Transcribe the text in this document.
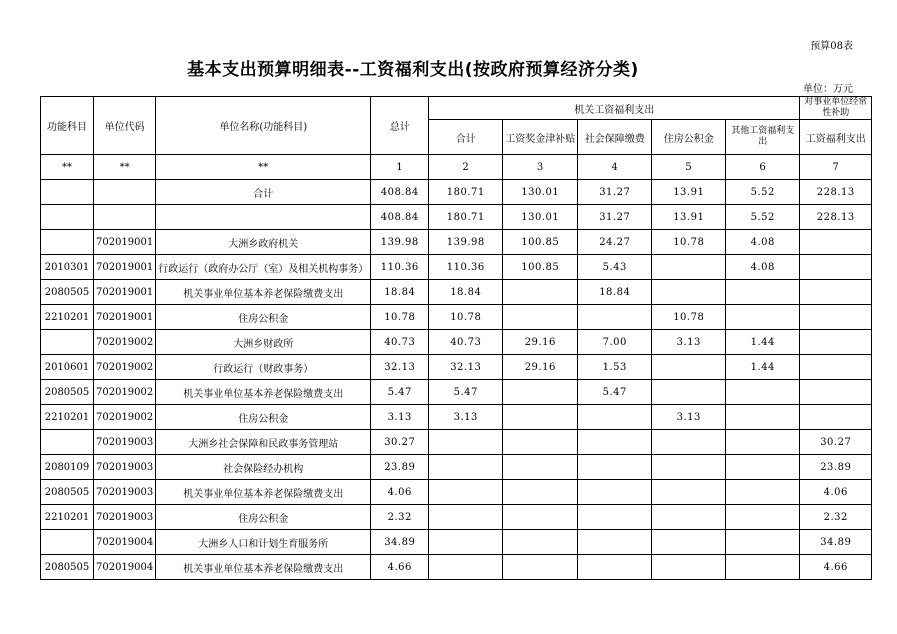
预算08表
基本支出预算明细表--工资福利支出(按政府预算经济分类)
单位：万元
功能科目	单位代码	单位名称(功能科目)	总计	机关工资福利支出					对事业单位经常性补助
				合计	工资奖金津补贴	社会保障缴费	住房公积金	其他工资福利支出	工资福利支出
**	**	**	1	2	3	4	5	6	7
		合计	408.84	180.71	130.01	31.27	13.91	5.52	228.13
			408.84	180.71	130.01	31.27	13.91	5.52	228.13
	702019001	大洲乡政府机关	139.98	139.98	100.85	24.27	10.78	4.08	
2010301	702019001	行政运行（政府办公厅（室）及相关机构事务）	110.36	110.36	100.85	5.43		4.08	
2080505	702019001	机关事业单位基本养老保险缴费支出	18.84	18.84		18.84			
2210201	702019001	住房公积金	10.78	10.78			10.78		
	702019002	大洲乡财政所	40.73	40.73	29.16	7.00	3.13	1.44	
2010601	702019002	行政运行（财政事务）	32.13	32.13	29.16	1.53		1.44	
2080505	702019002	机关事业单位基本养老保险缴费支出	5.47	5.47		5.47			
2210201	702019002	住房公积金	3.13	3.13			3.13		
	702019003	大洲乡社会保障和民政事务管理站	30.27						30.27
2080109	702019003	社会保险经办机构	23.89						23.89
2080505	702019003	机关事业单位基本养老保险缴费支出	4.06						4.06
2210201	702019003	住房公积金	2.32						2.32
	702019004	大洲乡人口和计划生育服务所	34.89						34.89
2080505	702019004	机关事业单位基本养老保险缴费支出	4.66						4.66
